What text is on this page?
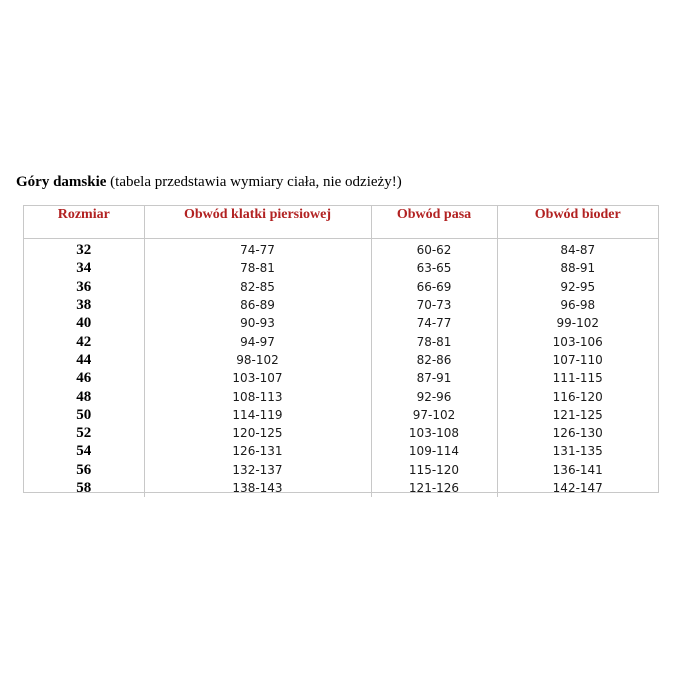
Góry damskie (tabela przedstawia wymiary ciała, nie odzieży!)
Rozmiar	Obwód klatki piersiowej	Obwód pasa	Obwód bioder
32	74-77	60-62	84-87
34	78-81	63-65	88-91
36	82-85	66-69	92-95
38	86-89	70-73	96-98
40	90-93	74-77	99-102
42	94-97	78-81	103-106
44	98-102	82-86	107-110
46	103-107	87-91	111-115
48	108-113	92-96	116-120
50	114-119	97-102	121-125
52	120-125	103-108	126-130
54	126-131	109-114	131-135
56	132-137	115-120	136-141
58	138-143	121-126	142-147
